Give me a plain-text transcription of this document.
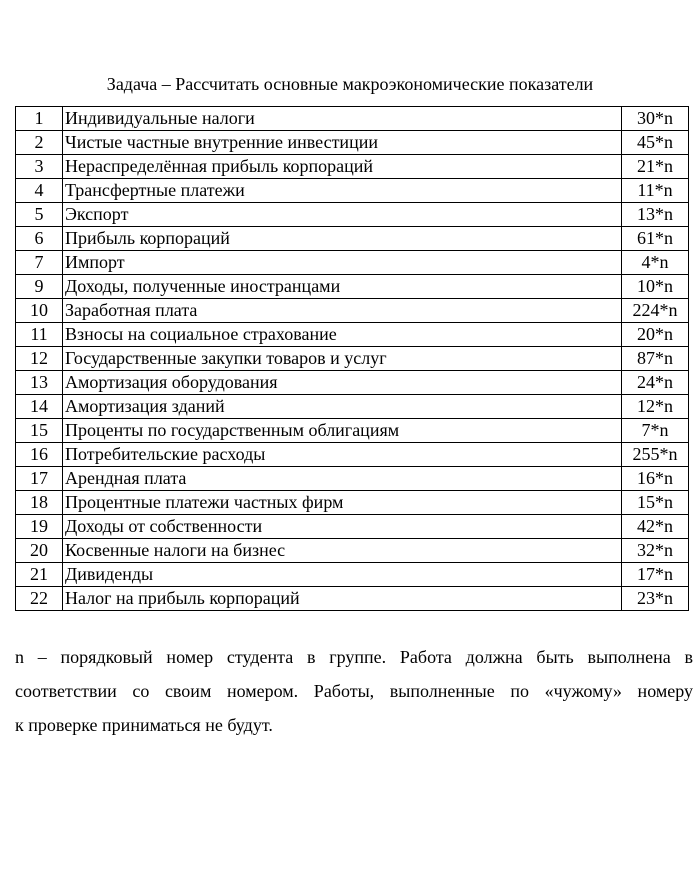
Задача – Рассчитать основные макроэкономические показатели
1	Индивидуальные налоги	30*n
2	Чистые частные внутренние инвестиции	45*n
3	Нераспределённая прибыль корпораций	21*n
4	Трансфертные платежи	11*n
5	Экспорт	13*n
6	Прибыль корпораций	61*n
7	Импорт	4*n
9	Доходы, полученные иностранцами	10*n
10	Заработная плата	224*n
11	Взносы на социальное страхование	20*n
12	Государственные закупки товаров и услуг	87*n
13	Амортизация оборудования	24*n
14	Амортизация зданий	12*n
15	Проценты по государственным облигациям	7*n
16	Потребительские расходы	255*n
17	Арендная плата	16*n
18	Процентные платежи частных фирм	15*n
19	Доходы от собственности	42*n
20	Косвенные налоги на бизнес	32*n
21	Дивиденды	17*n
22	Налог на прибыль корпораций	23*n

n – порядковый номер студента в группе. Работа должна быть выполнена в

соответствии со своим номером. Работы, выполненные по «чужому» номеру

к проверке приниматься не будут.
